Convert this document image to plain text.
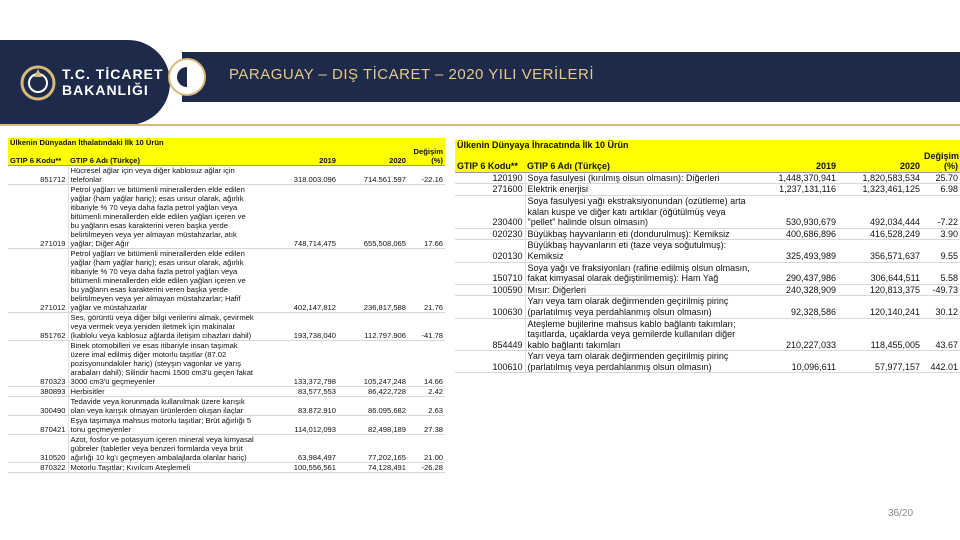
T.C. TİCARET
BAKANLIĞI
PARAGUAY – DIŞ TİCARET – 2020 YILI VERİLERİ
Ülkenin Dünyadan İthalatındaki İlk 10 Ürün				
GTIP 6 Kodu**	GTIP 6 Adı (Türkçe)	2019	2020	Değişim (%)
851712	Hücresel ağlar için veya diğer kablosuz ağlar için telefonlar	318.003.096	714.561.597	-22.16
271019	Petrol yağları ve bitümenli minerallerden elde edilen yağlar (ham yağlar hariç); esas unsur olarak, ağırlık itibariyle % 70 veya daha fazla petrol yağları veya bitümenli minerallerden elde edilen yağları içeren ve bu yağların esas karakterini veren başka yerde belirtilmeyen veya yer almayan müstahzarlar, atık yağlar; Diğer Ağır	748,714,475	655,508,065	17.66
271012	Petrol yağları ve bitümenli minerallerden elde edilen yağlar (ham yağlar hariç); esas unsur olarak, ağırlık itibariyle % 70 veya daha fazla petrol yağları veya bitümenli minerallerden elde edilen yağları içeren ve bu yağların esas karakterini veren başka yerde belirtilmeyen veya yer almayan müstahzarlar; Hafif yağlar ve müstahzarlar	402,147,812	236,817,588	21.76
851762	Ses, görüntü veya diğer bilgi verilerini almak, çevirmek veya vermek veya yeniden iletmek için makinalar (kablolu veya kablosuz ağlarda iletişim cihazları dahil)	193,738,040	112.797.906	-41.78
870323	Binek otomobilleri ve esas itibariyle insan taşımak üzere imal edilmiş diğer motorlu taşıtlar (87.02 pozisyonundakiler hariç) (steyşın vagonlar ve yarış arabaları dahil); Silindir hacmi 1500 cm3'ü geçen fakat 3000 cm3'ü geçmeyenler	133,372,798	105,247,248	14.66
380893	Herbisitler	83,577,553	86,422,728	2.42
300490	Tedavide veya korunmada kullanılmak üzere karışık olan veya karışık olmayan ürünlerden oluşan ilaçlar	83.872.910	86.095.682	2.63
870421	Eşya taşımaya mahsus motorlu taşıtlar; Brüt ağırlığı 5 tonu geçmeyenler	114,012,093	82,498,189	27.38
310520	Azot, fosfor ve potasyum içeren mineral veya kimyasal gübreler (tabletler veya benzeri formlarda veya brüt ağırlığı 10 kg'ı geçmeyen ambalajlarda olanlar hariç)	63,984,497	77,202,165	21.00
870322	Motorlu Taşıtlar; Kıvılcım Ateşlemeli	100,556,561	74,128,491	-26.28
Ülkenin Dünyaya İhracatında İlk 10 Ürün				
GTIP 6 Kodu**	GTIP 6 Adı (Türkçe)	2019	2020	Değişim (%)
120190	Soya fasulyesi (kırılmış olsun olmasın): Diğerleri	1,448,370,941	1,820,583,534	25.70
271600	Elektrik enerjisi	1,237,131,116	1,323,461,125	6.98
230400	Soya fasulyesi yağı ekstraksiyonundan (ozütleme) arta kalan kuspe ve diğer katı artıklar (öğütülmüş veya "pellet" halinde olsun olmasın)	530,930,679	492,034,444	-7.22
020230	Büyükbaş hayvanların eti (dondurulmuş): Kemiksiz	400,686,896	416,528,249	3.90
020130	Büyükbaş hayvanların eti (taze veya soğutulmuş): Kemiksiz	325,493,989	356,571,637	9.55
150710	Soya yağı ve fraksiyonları (rafine edilmiş olsun olmasın, fakat kimyasal olarak değiştirilmemiş): Ham Yağ	290,437,986	306,644,511	5.58
100590	Mısır: Diğerleri	240,328,909	120,813,375	-49.73
100630	Yarı veya tam olarak değirmenden geçirilmiş pirinç (parlatılmış veya perdahlanmış olsun olmasın)	92,328,586	120,140,241	30.12
854449	Ateşleme bujilerine mahsus kablo bağlantı takımları; taşıtlarda, uçaklarda veya gemilerde kullanılan diğer kablo bağlantı takımları	210,227,033	118,455,005	43.67
100610	Yarı veya tam olarak değirmenden geçirilmiş pirinç (parlatılmış veya perdahlanmış olsun olmasın)	10,096,611	57,977,157	442.01
36/20
